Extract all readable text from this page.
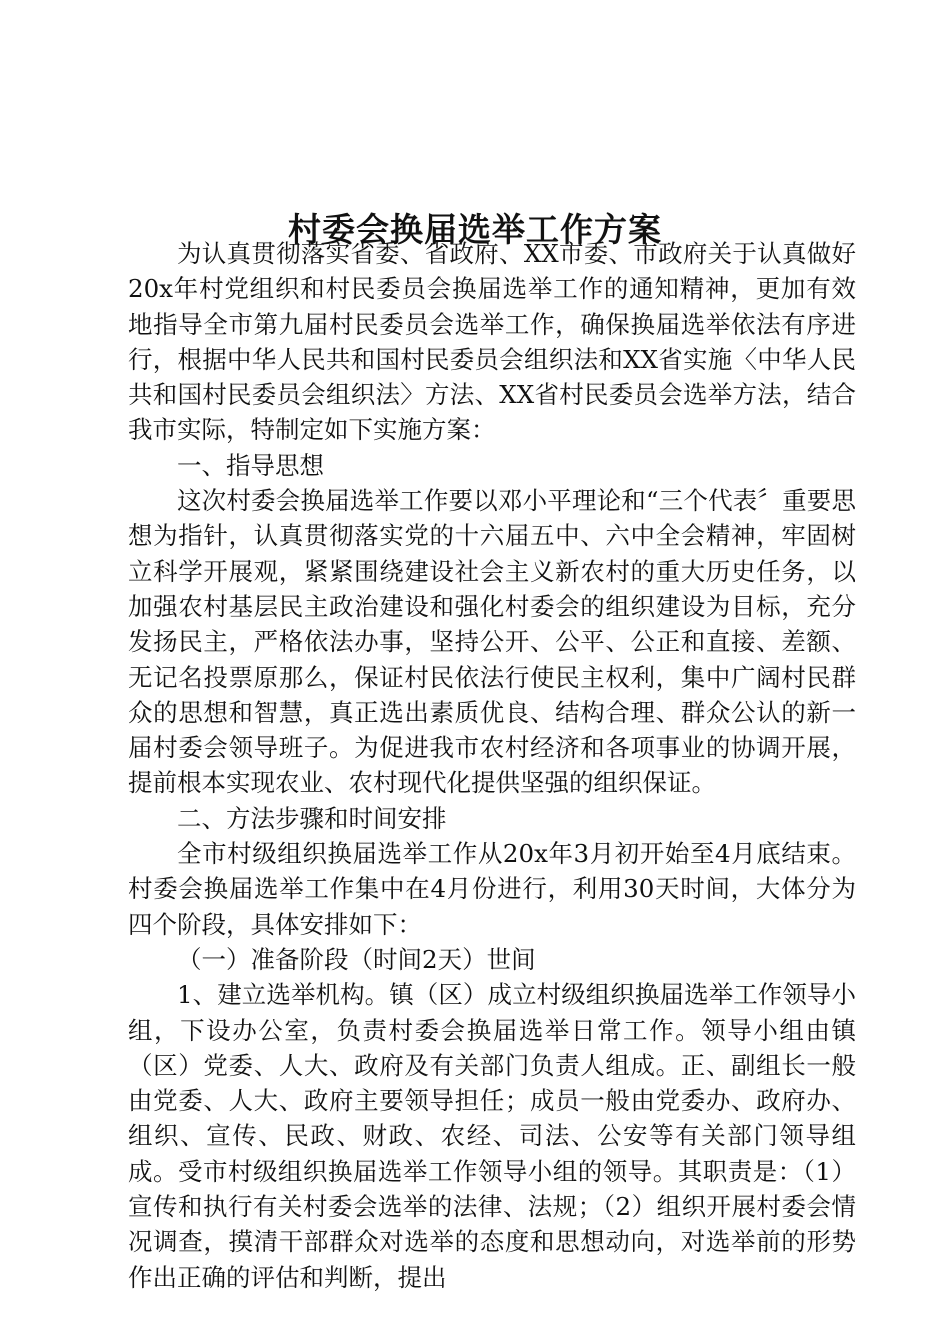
村委会换届选举工作方案

为认真贯彻落实省委、省政府、XX市委、市政府关于认真做好20x年村党组织和村民委员会换届选举工作的通知精神，更加有效地指导全市第九届村民委员会选举工作，确保换届选举依法有序进行，根据中华人民共和国村民委员会组织法和XX省实施〈中华人民共和国村民委员会组织法〉方法、XX省村民委员会选举方法，结合我市实际，特制定如下实施方案：

一、指导思想

这次村委会换届选举工作要以邓小平理论和“三个代表〞重要思想为指针，认真贯彻落实党的十六届五中、六中全会精神，牢固树立科学开展观，紧紧围绕建设社会主义新农村的重大历史任务，以加强农村基层民主政治建设和强化村委会的组织建设为目标，充分发扬民主，严格依法办事，坚持公开、公平、公正和直接、差额、无记名投票原那么，保证村民依法行使民主权利，集中广阔村民群众的思想和智慧，真正选出素质优良、结构合理、群众公认的新一届村委会领导班子。为促进我市农村经济和各项事业的协调开展，提前根本实现农业、农村现代化提供坚强的组织保证。

二、方法步骤和时间安排

全市村级组织换届选举工作从20x年3月初开始至4月底结束。村委会换届选举工作集中在4月份进行，利用30天时间，大体分为四个阶段，具体安排如下：

（一）准备阶段（时间2天）世间

1、建立选举机构。镇（区）成立村级组织换届选举工作领导小组，下设办公室，负责村委会换届选举日常工作。领导小组由镇（区）党委、人大、政府及有关部门负责人组成。正、副组长一般由党委、人大、政府主要领导担任；成员一般由党委办、政府办、组织、宣传、民政、财政、农经、司法、公安等有关部门领导组成。受市村级组织换届选举工作领导小组的领导。其职责是：（1）宣传和执行有关村委会选举的法律、法规；（2）组织开展村委会情况调查，摸清干部群众对选举的态度和思想动向，对选举前的形势作出正确的评估和判断，提出
